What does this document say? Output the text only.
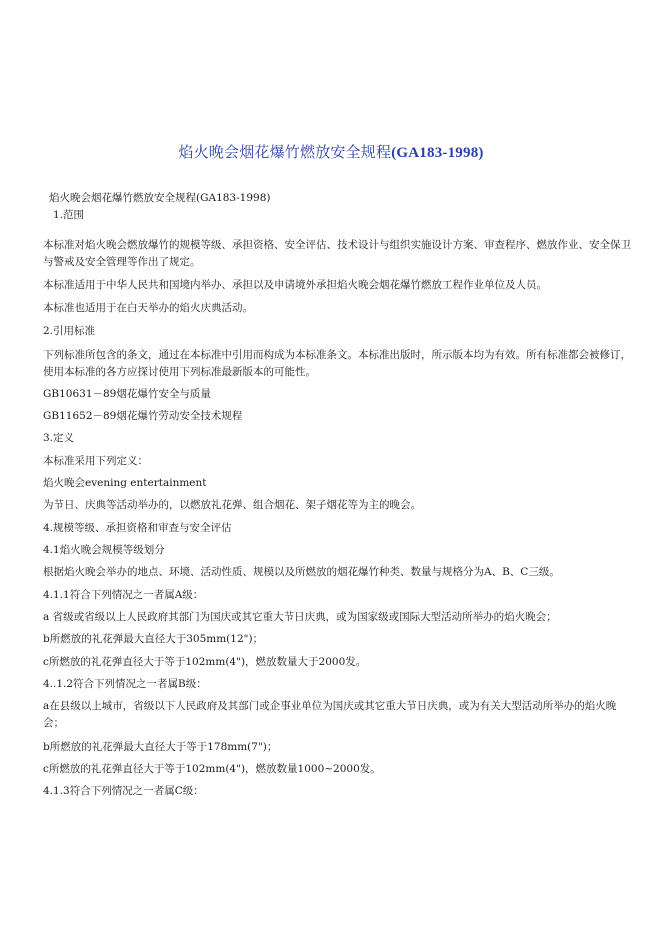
焰火晚会烟花爆竹燃放安全规程(GA183-1998)
焰火晚会烟花爆竹燃放安全规程(GA183-1998)
1.范围
本标准对焰火晚会燃放爆竹的规模等级、承担资格、安全评估、技术设计与组织实施设计方案、审查程序、燃放作业、安全保卫与警戒及安全管理等作出了规定。
本标准适用于中华人民共和国境内举办、承担以及申请境外承担焰火晚会烟花爆竹燃放工程作业单位及人员。
本标准也适用于在白天举办的焰火庆典活动。
2.引用标准
下列标准所包含的条文，通过在本标准中引用而构成为本标准条文。本标准出版时，所示版本均为有效。所有标准都会被修订，使用本标准的各方应探讨使用下列标准最新版本的可能性。
GB10631－89烟花爆竹安全与质量
GB11652－89烟花爆竹劳动安全技术规程
3.定义
本标准采用下列定义：
焰火晚会evening entertainment
为节日、庆典等活动举办的，以燃放礼花弹、组合烟花、架子烟花等为主的晚会。
4.规模等级、承担资格和审查与安全评估
4.1焰火晚会规模等级划分
根据焰火晚会举办的地点、环境、活动性质、规模以及所燃放的烟花爆竹种类、数量与规格分为A、B、C三级。
4.1.1符合下列情况之一者属A级：
a 省级或省级以上人民政府其部门为国庆或其它重大节日庆典，或为国家级或国际大型活动所举办的焰火晚会；
b所燃放的礼花弹最大直径大于305mm(12")；
c所燃放的礼花弹直径大于等于102mm(4")，燃放数量大于2000发。
4..1.2符合下列情况之一者属B级：
a在县级以上城市，省级以下人民政府及其部门或企事业单位为国庆或其它重大节日庆典，或为有关大型活动所举办的焰火晚会；
b所燃放的礼花弹最大直径大于等于178mm(7")；
c所燃放的礼花弹直径大于等于102mm(4")，燃放数量1000~2000发。
4.1.3符合下列情况之一者属C级：
